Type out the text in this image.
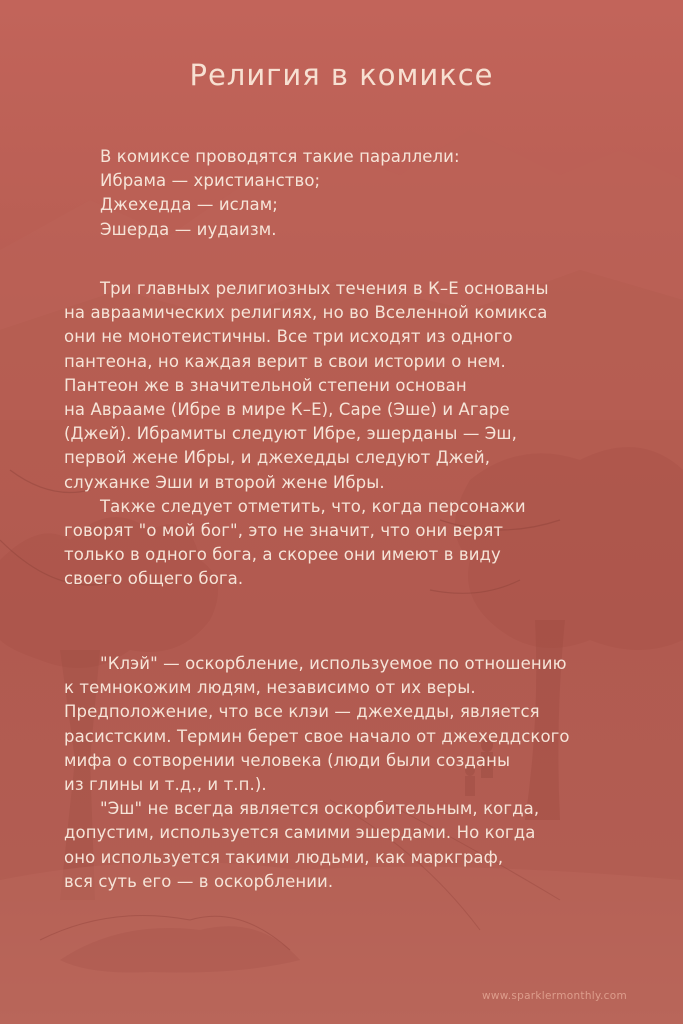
Религия в комиксе
В комиксе проводятся такие параллели:
Ибрама — христианство;
Джехедда — ислам;
Эшерда — иудаизм.
Три главных религиозных течения в К–Е основаны
на авраамических религиях, но во Вселенной комикса
они не монотеистичны. Все три исходят из одного
пантеона, но каждая верит в свои истории о нем.
Пантеон же в значительной степени основан
на Аврааме (Ибре в мире К–Е), Саре (Эше) и Агаре
(Джей). Ибрамиты следуют Ибре, эшерданы — Эш,
первой жене Ибры, и джехедды следуют Джей,
служанке Эши и второй жене Ибры.
Также следует отметить, что, когда персонажи
говорят "о мой бог", это не значит, что они верят
только в одного бога, а скорее они имеют в виду
своего общего бога.
"Клэй" — оскорбление, используемое по отношению
к темнокожим людям, независимо от их веры.
Предположение, что все клэи — джехедды, является
расистским. Термин берет свое начало от джехеддского
мифа о сотворении человека (люди были созданы
из глины и т.д., и т.п.).
"Эш" не всегда является оскорбительным, когда,
допустим, используется самими эшердами. Но когда
оно используется такими людьми, как маркграф,
вся суть его — в оскорблении.
www.sparklermonthly.com
